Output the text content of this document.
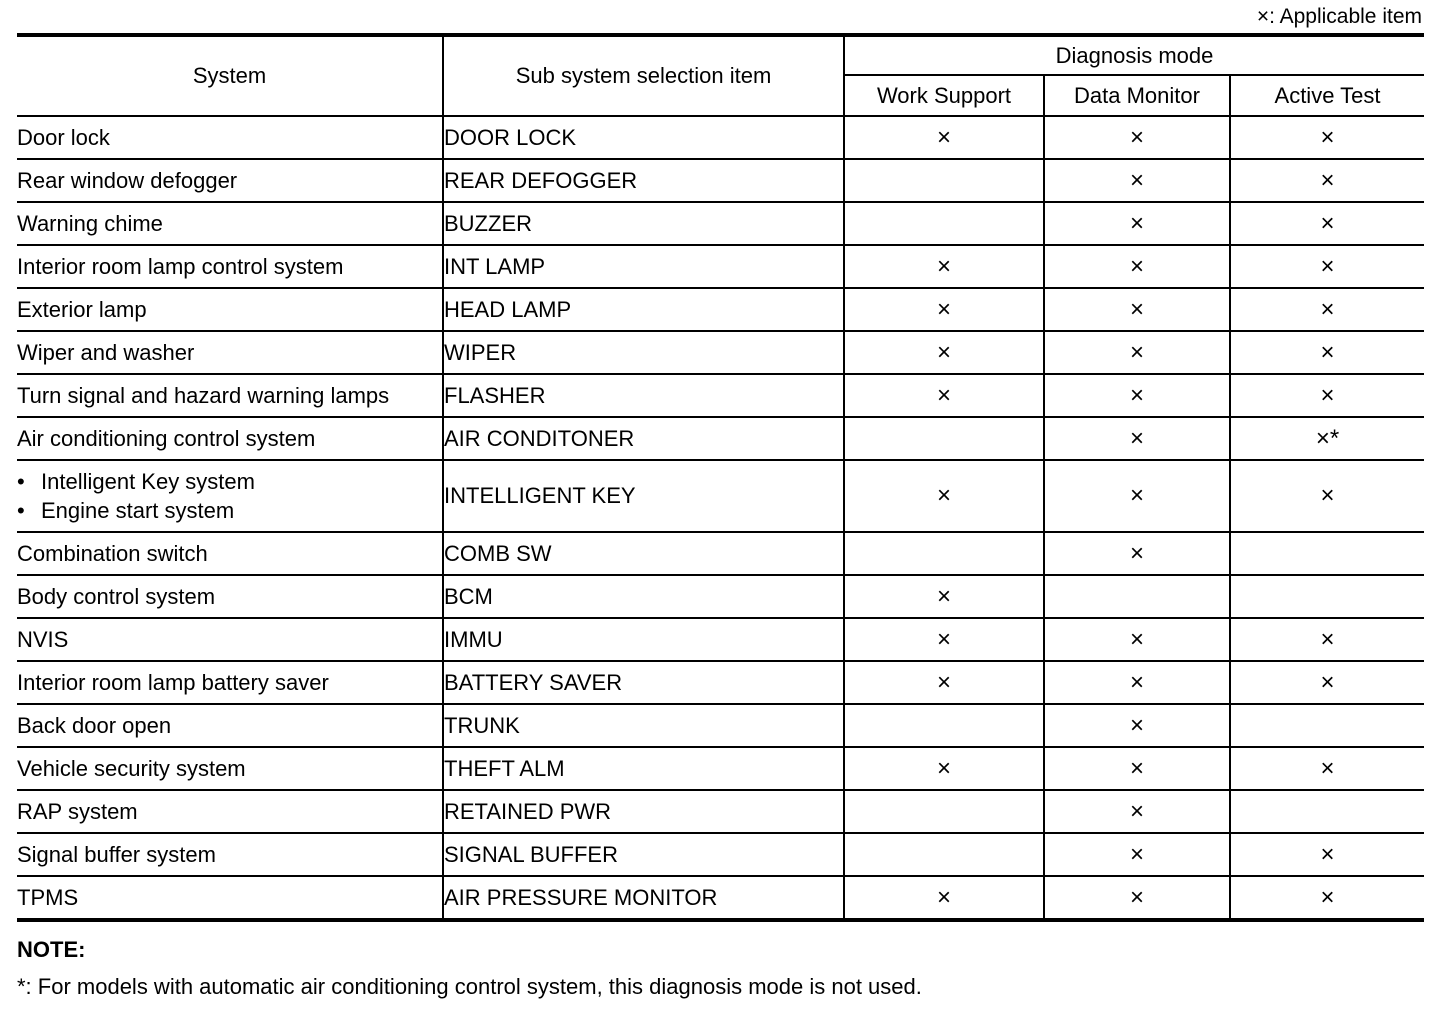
×: Applicable item
System	Sub system selection item	Diagnosis mode		
		Work Support	Data Monitor	Active Test
Door lock	DOOR LOCK	×	×	×
Rear window defogger	REAR DEFOGGER		×	×
Warning chime	BUZZER		×	×
Interior room lamp control system	INT LAMP	×	×	×
Exterior lamp	HEAD LAMP	×	×	×
Wiper and washer	WIPER	×	×	×
Turn signal and hazard warning lamps	FLASHER	×	×	×
Air conditioning control system	AIR CONDITONER		×	×*

• Intelligent Key system
• Engine start system	INTELLIGENT KEY	×	×	×
Combination switch	COMB SW		×	
Body control system	BCM	×		
NVIS	IMMU	×	×	×
Interior room lamp battery saver	BATTERY SAVER	×	×	×
Back door open	TRUNK		×	
Vehicle security system	THEFT ALM	×	×	×
RAP system	RETAINED PWR		×	
Signal buffer system	SIGNAL BUFFER		×	×
TPMS	AIR PRESSURE MONITOR	×	×	×
NOTE:
*: For models with automatic air conditioning control system, this diagnosis mode is not used.
